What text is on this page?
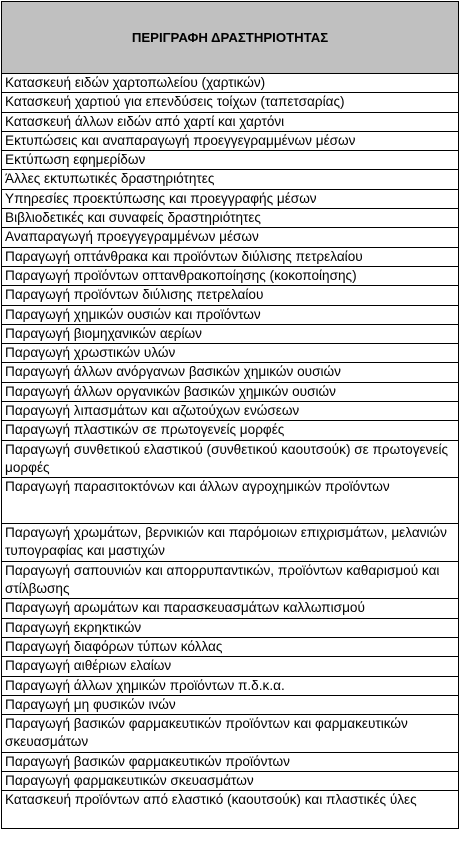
ΠΕΡΙΓΡΑΦΗ ΔΡΑΣΤΗΡΙΟΤΗΤΑΣ
Κατασκευή ειδών χαρτοπωλείου (χαρτικών)
Κατασκευή χαρτιού για επενδύσεις τοίχων (ταπετσαρίας)
Κατασκευή άλλων ειδών από χαρτί και χαρτόνι
Εκτυπώσεις και αναπαραγωγή προεγγεγραμμένων μέσων
Εκτύπωση εφημερίδων
Άλλες εκτυπωτικές δραστηριότητες
Υπηρεσίες προεκτύπωσης και προεγγραφής μέσων
Βιβλιοδετικές και συναφείς δραστηριότητες
Αναπαραγωγή προεγγεγραμμένων μέσων
Παραγωγή οπτάνθρακα και προϊόντων διύλισης πετρελαίου
Παραγωγή προϊόντων οπτανθρακοποίησης (κοκοποίησης)
Παραγωγή προϊόντων διύλισης πετρελαίου
Παραγωγή χημικών ουσιών και προϊόντων
Παραγωγή βιομηχανικών αερίων
Παραγωγή χρωστικών υλών
Παραγωγή άλλων ανόργανων βασικών χημικών ουσιών
Παραγωγή άλλων οργανικών βασικών χημικών ουσιών
Παραγωγή λιπασμάτων και αζωτούχων ενώσεων
Παραγωγή πλαστικών σε πρωτογενείς μορφές
Παραγωγή συνθετικού ελαστικού (συνθετικού καουτσούκ) σε πρωτογενείς μορφές
Παραγωγή παρασιτοκτόνων και άλλων αγροχημικών προϊόντων
Παραγωγή χρωμάτων, βερνικιών και παρόμοιων επιχρισμάτων, μελανιών τυπογραφίας και μαστιχών
Παραγωγή σαπουνιών και απορρυπαντικών, προϊόντων καθαρισμού και στίλβωσης
Παραγωγή αρωμάτων και παρασκευασμάτων καλλωπισμού
Παραγωγή εκρηκτικών
Παραγωγή διαφόρων τύπων κόλλας
Παραγωγή αιθέριων ελαίων
Παραγωγή άλλων χημικών προϊόντων π.δ.κ.α.
Παραγωγή μη φυσικών ινών
Παραγωγή βασικών φαρμακευτικών προϊόντων και φαρμακευτικών σκευασμάτων
Παραγωγή βασικών φαρμακευτικών προϊόντων
Παραγωγή φαρμακευτικών σκευασμάτων
Κατασκευή προϊόντων από ελαστικό (καουτσούκ) και πλαστικές ύλες
